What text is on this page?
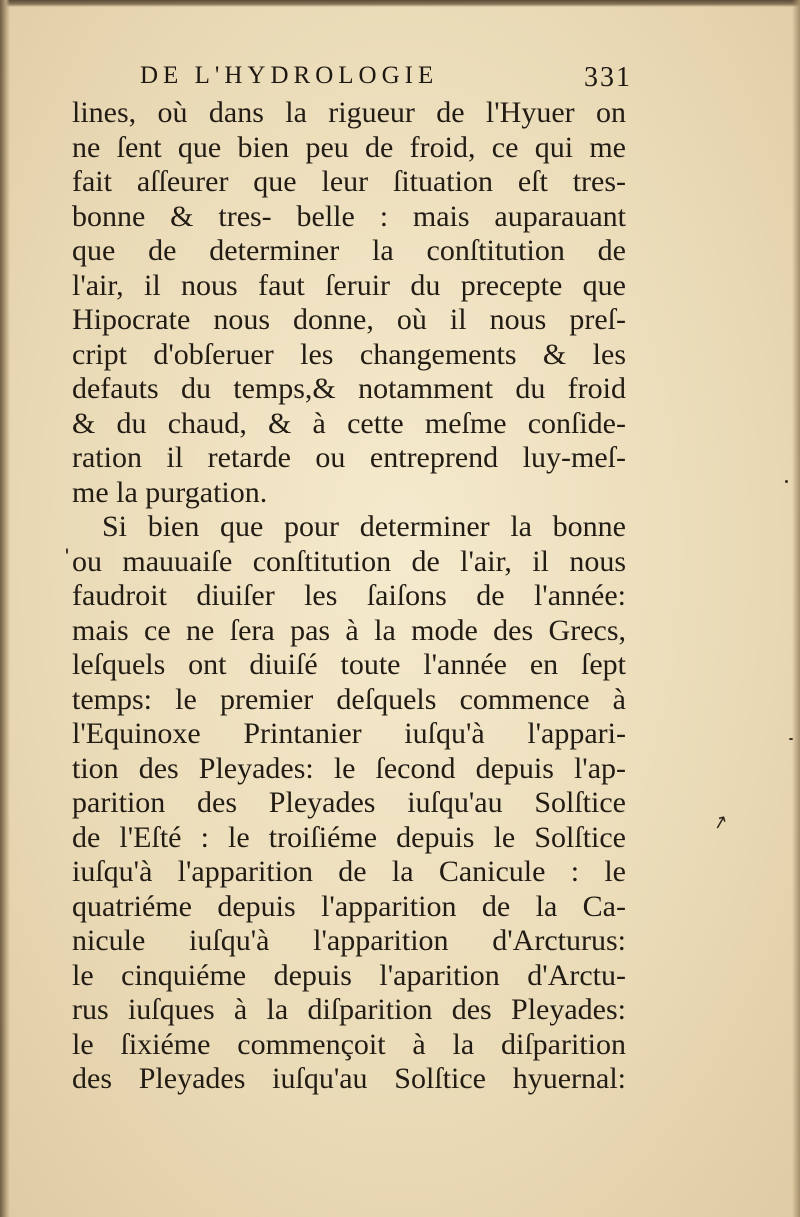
DE L'HYDROLOGIE	331
lines, où dans la rigueur de l'Hyuer on
ne ſent que bien peu de froid, ce qui me
fait aſſeurer que leur ſituation eſt tres-
bonne & tres- belle : mais auparauant
que de determiner la conſtitution de
l'air, il nous faut ſeruir du precepte que
Hipocrate nous donne, où il nous preſ-
cript d'obſeruer les changements & les
defauts du temps,& notamment du froid
& du chaud, & à cette meſme conſide-
ration il retarde ou entreprend luy-meſ-
me la purgation.
Si bien que pour determiner la bonne
ou mauuaiſe conſtitution de l'air, il nous
faudroit diuiſer les ſaiſons de l'année:
mais ce ne ſera pas à la mode des Grecs,
leſquels ont diuiſé toute l'année en ſept
temps: le premier deſquels commence à
l'Equinoxe Printanier iuſqu'à l'appari-
tion des Pleyades: le ſecond depuis l'ap-
parition des Pleyades iuſqu'au Solſtice
de l'Eſté : le troiſiéme depuis le Solſtice
iuſqu'à l'apparition de la Canicule : le
quatriéme depuis l'apparition de la Ca-
nicule iuſqu'à l'apparition d'Arcturus:
le cinquiéme depuis l'aparition d'Arctu-
rus iuſques à la diſparition des Pleyades:
le ſixiéme commençoit à la diſparition
des Pleyades iuſqu'au Solſtice hyuernal:
↗
